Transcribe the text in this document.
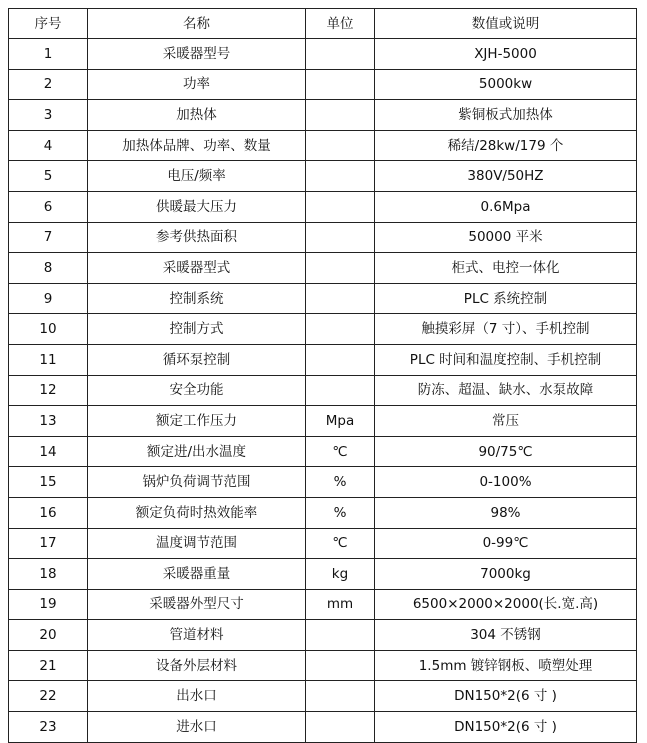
序号	名称	单位	数值或说明
1	采暖器型号		XJH-5000
2	功率		5000kw
3	加热体		紫铜板式加热体
4	加热体品牌、功率、数量		稀结/28kw/179 个
5	电压/频率		380V/50HZ
6	供暖最大压力		0.6Mpa
7	参考供热面积		50000 平米
8	采暖器型式		柜式、电控一体化
9	控制系统		PLC 系统控制
10	控制方式		触摸彩屏（7 寸）、手机控制
11	循环泵控制		PLC 时间和温度控制、手机控制
12	安全功能		防冻、超温、缺水、水泵故障
13	额定工作压力	Mpa	常压
14	额定进/出水温度	℃	90/75℃
15	锅炉负荷调节范围	%	0-100%
16	额定负荷时热效能率	%	98%
17	温度调节范围	℃	0-99℃
18	采暖器重量	kg	7000kg
19	采暖器外型尺寸	mm	6500×2000×2000(长.宽.高)
20	管道材料		304 不锈钢
21	设备外层材料		1.5mm 镀锌钢板、喷塑处理
22	出水口		DN150*2(6 寸 )
23	进水口		DN150*2(6 寸 )
